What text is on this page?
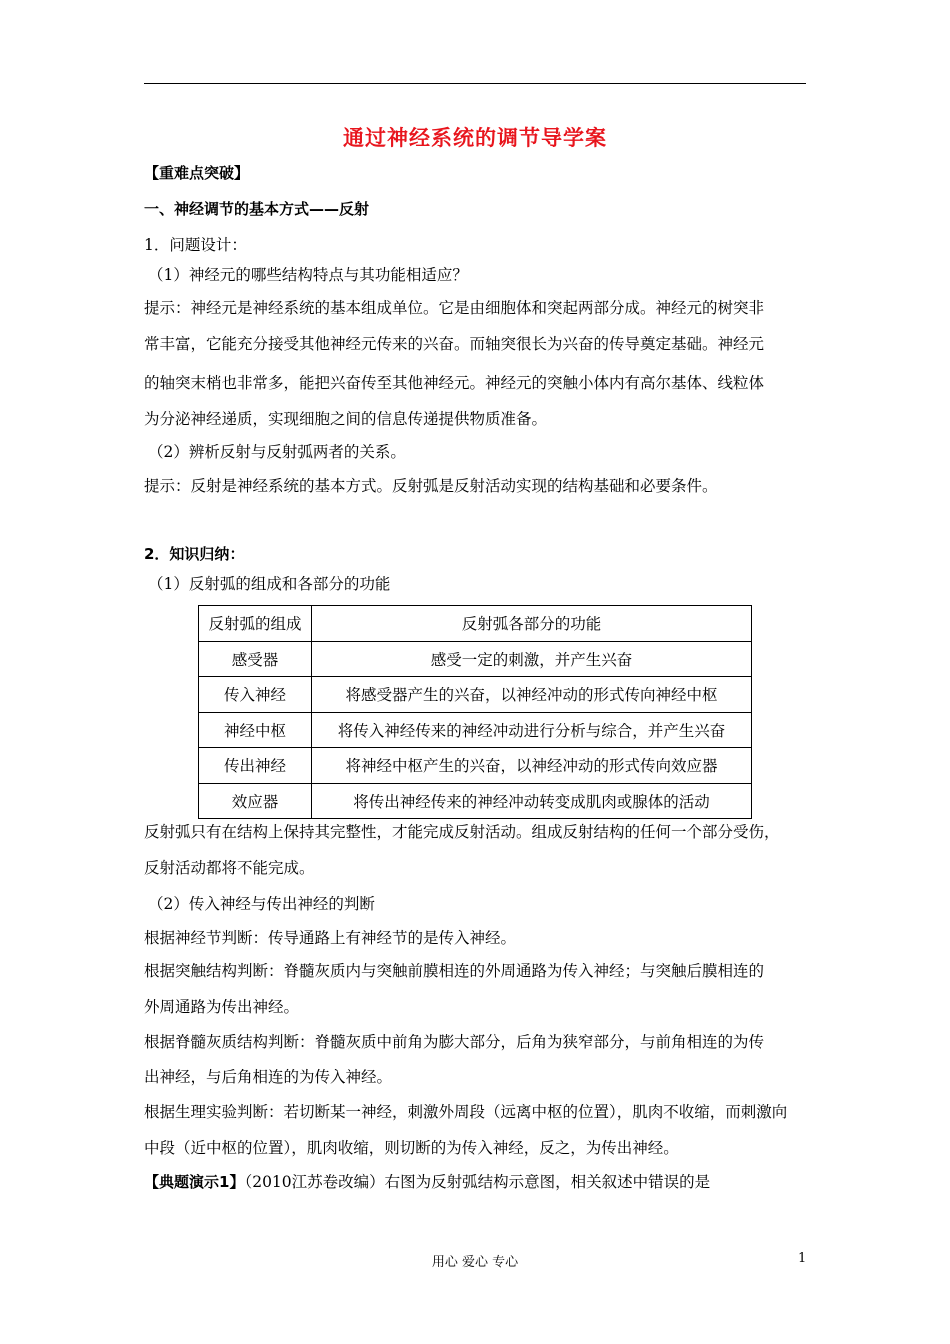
通过神经系统的调节导学案
【重难点突破】
一、神经调节的基本方式——反射
1．问题设计：
（1）神经元的哪些结构特点与其功能相适应？
提示：神经元是神经系统的基本组成单位。它是由细胞体和突起两部分成。神经元的树突非
常丰富，它能充分接受其他神经元传来的兴奋。而轴突很长为兴奋的传导奠定基础。神经元
的轴突末梢也非常多，能把兴奋传至其他神经元。神经元的突触小体内有高尔基体、线粒体
为分泌神经递质，实现细胞之间的信息传递提供物质准备。
（2）辨析反射与反射弧两者的关系。
提示：反射是神经系统的基本方式。反射弧是反射活动实现的结构基础和必要条件。
2．知识归纳：
（1）反射弧的组成和各部分的功能
反射弧的组成	反射弧各部分的功能
感受器	感受一定的刺激，并产生兴奋
传入神经	将感受器产生的兴奋，以神经冲动的形式传向神经中枢
神经中枢	将传入神经传来的神经冲动进行分析与综合，并产生兴奋
传出神经	将神经中枢产生的兴奋，以神经冲动的形式传向效应器
效应器	将传出神经传来的神经冲动转变成肌肉或腺体的活动
反射弧只有在结构上保持其完整性，才能完成反射活动。组成反射结构的任何一个部分受伤，
反射活动都将不能完成。
（2）传入神经与传出神经的判断
根据神经节判断：传导通路上有神经节的是传入神经。
根据突触结构判断：脊髓灰质内与突触前膜相连的外周通路为传入神经；与突触后膜相连的
外周通路为传出神经。
根据脊髓灰质结构判断：脊髓灰质中前角为膨大部分，后角为狭窄部分，与前角相连的为传
出神经，与后角相连的为传入神经。
根据生理实验判断：若切断某一神经，刺激外周段（远离中枢的位置），肌肉不收缩，而刺激向
中段（近中枢的位置），肌肉收缩，则切断的为传入神经，反之，为传出神经。
【典题演示1】（2010江苏卷改编）右图为反射弧结构示意图，相关叙述中错误的是
用心 爱心 专心	1
